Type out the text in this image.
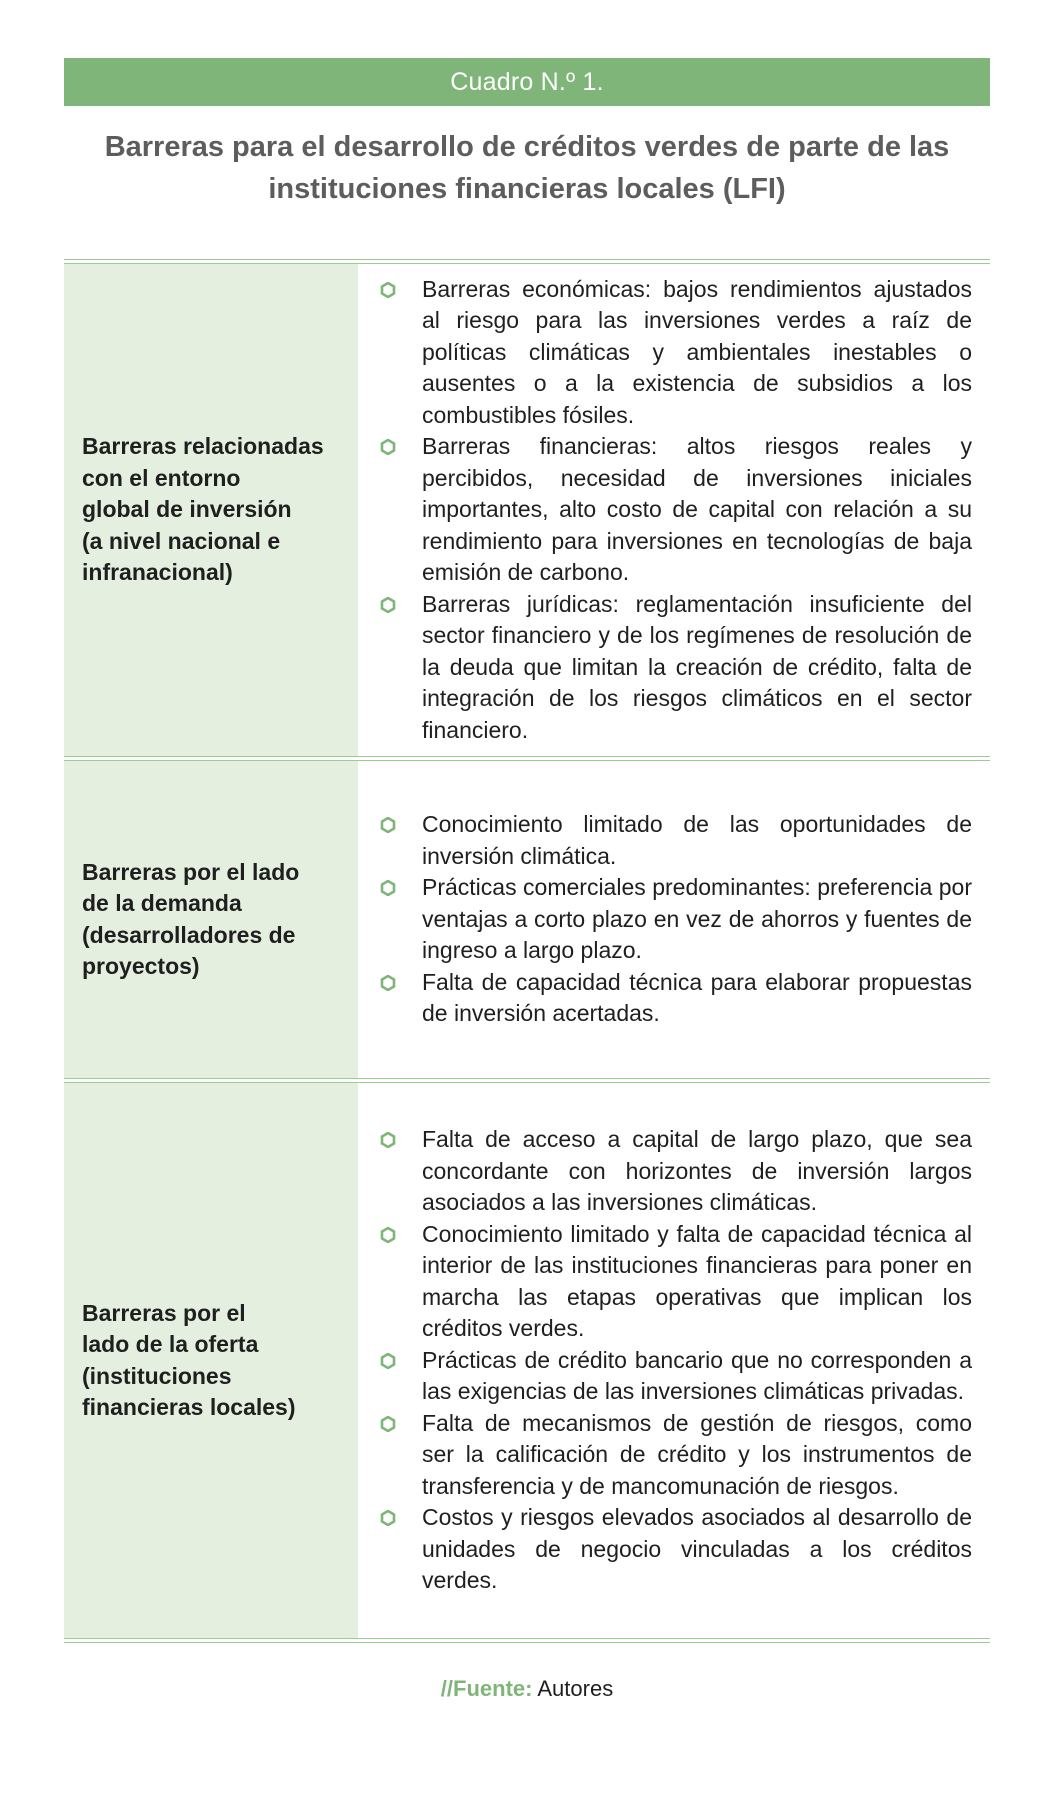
Cuadro N.º 1.
Barreras para el desarrollo de créditos verdes de parte de las instituciones financieras locales (LFI)
Barreras relacionadas
con el entorno
global de inversión
(a nivel nacional e
infranacional)
Barreras económicas: bajos rendimientos ajustados al riesgo para las inversiones verdes a raíz de políticas climáticas y ambientales inestables o ausentes o a la existencia de subsidios a los combustibles fósiles.
Barreras financieras: altos riesgos reales y percibidos, necesidad de inversiones iniciales importantes, alto costo de capital con relación a su rendimiento para inversiones en tecnologías de baja emisión de carbono.
Barreras jurídicas: reglamentación insuficiente del sector financiero y de los regímenes de resolución de la deuda que limitan la creación de crédito, falta de integración de los riesgos climáticos en el sector financiero.
Barreras por el lado
de la demanda
(desarrolladores de
proyectos)
Conocimiento limitado de las oportunidades de inversión climática.
Prácticas comerciales predominantes: preferencia por ventajas a corto plazo en vez de ahorros y fuentes de ingreso a largo plazo.
Falta de capacidad técnica para elaborar propuestas de inversión acertadas.
Barreras por el
lado de la oferta
(instituciones
financieras locales)
Falta de acceso a capital de largo plazo, que sea concordante con horizontes de inversión largos asociados a las inversiones climáticas.
Conocimiento limitado y falta de capacidad técnica al interior de las instituciones financieras para poner en marcha las etapas operativas que implican los créditos verdes.
Prácticas de crédito bancario que no corresponden a las exigencias de las inversiones climáticas privadas.
Falta de mecanismos de gestión de riesgos, como ser la calificación de crédito y los instrumentos de transferencia y de mancomunación de riesgos.
Costos y riesgos elevados asociados al desarrollo de unidades de negocio vinculadas a los créditos verdes.
//Fuente: Autores
